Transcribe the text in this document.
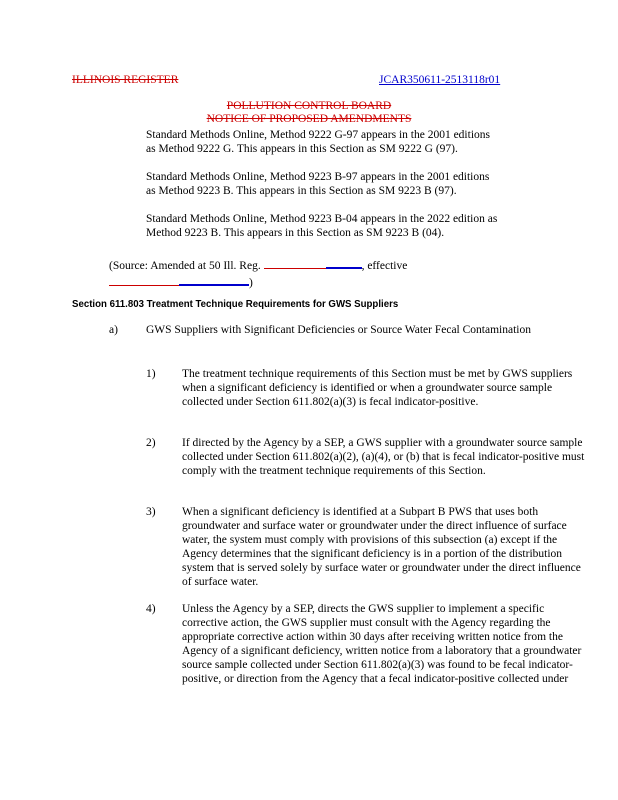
ILLINOIS REGISTER	JCAR350611-2513118r01
POLLUTION CONTROL BOARD
NOTICE OF PROPOSED AMENDMENTS
Standard Methods Online, Method 9222 G-97 appears in the 2001 editions
as Method 9222 G. This appears in this Section as SM 9222 G (97).
Standard Methods Online, Method 9223 B-97 appears in the 2001 editions
as Method 9223 B. This appears in this Section as SM 9223 B (97).
Standard Methods Online, Method 9223 B-04 appears in the 2022 edition as
Method 9223 B. This appears in this Section as SM 9223 B (04).
(Source: Amended at 50 Ill. Reg.	, effective
)
Section 611.803 Treatment Technique Requirements for GWS Suppliers
a) GWS Suppliers with Significant Deficiencies or Source Water Fecal Contamination
1) The treatment technique requirements of this Section must be met by GWS suppliers when a significant deficiency is identified or when a groundwater source sample collected under Section 611.802(a)(3) is fecal indicator-positive.
2) If directed by the Agency by a SEP, a GWS supplier with a groundwater source sample collected under Section 611.802(a)(2), (a)(4), or (b) that is fecal indicator-positive must comply with the treatment technique requirements of this Section.
3) When a significant deficiency is identified at a Subpart B PWS that uses both groundwater and surface water or groundwater under the direct influence of surface water, the system must comply with provisions of this subsection (a) except if the Agency determines that the significant deficiency is in a portion of the distribution system that is served solely by surface water or groundwater under the direct influence of surface water.
4) Unless the Agency by a SEP, directs the GWS supplier to implement a specific corrective action, the GWS supplier must consult with the Agency regarding the appropriate corrective action within 30 days after receiving written notice from the Agency of a significant deficiency, written notice from a laboratory that a groundwater source sample collected under Section 611.802(a)(3) was found to be fecal indicator-positive, or direction from the Agency that a fecal indicator-positive collected under
